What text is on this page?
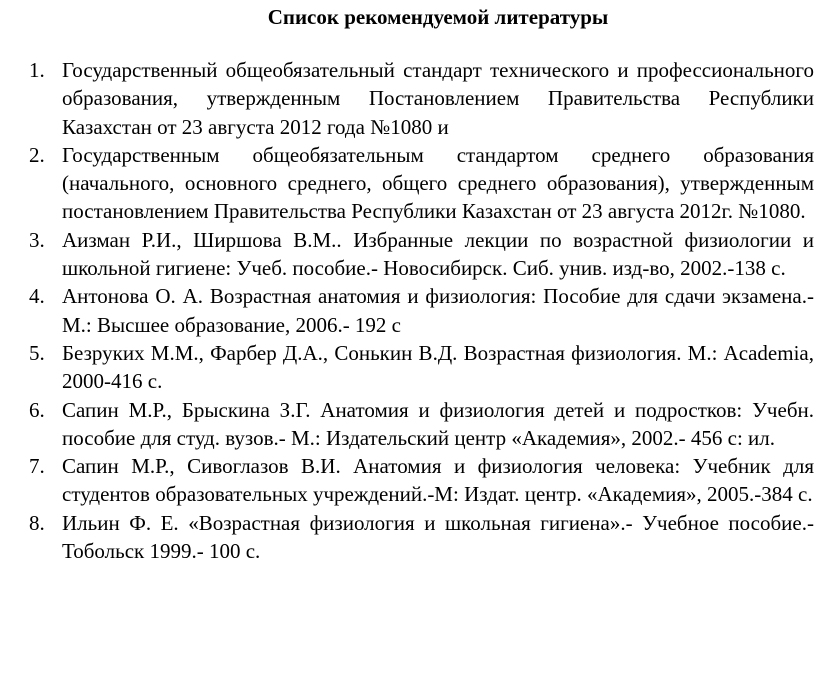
Список рекомендуемой литературы
1. Государственный общеобязательный стандарт технического и профессионального образования, утвержденным Постановлением Правительства Республики Казахстан от 23 августа 2012 года №1080 и
2. Государственным общеобязательным стандартом среднего образования (начального, основного среднего, общего среднего образования), утвержденным постановлением Правительства Республики Казахстан от 23 августа 2012г. №1080.
3. Аизман Р.И., Ширшова В.М.. Избранные лекции по возрастной физиологии и школьной гигиене: Учеб. пособие.- Новосибирск. Сиб. унив. изд-во, 2002.-138 с.
4. Антонова О. А. Возрастная анатомия и физиология: Пособие для сдачи экзамена.- М.: Высшее образование, 2006.- 192 с
5. Безруких М.М., Фарбер Д.А., Сонькин В.Д. Возрастная физиология. М.: Academia, 2000-416 с.
6. Сапин М.Р., Брыскина З.Г. Анатомия и физиология детей и подростков: Учебн. пособие для студ. вузов.- М.: Издательский центр «Академия», 2002.- 456 с: ил.
7. Сапин М.Р., Сивоглазов В.И. Анатомия и физиология человека: Учебник для студентов образовательных учреждений.-М: Издат. центр. «Академия», 2005.-384 с.
8. Ильин Ф. Е. «Возрастная физиология и школьная гигиена».- Учебное пособие.- Тобольск 1999.- 100 с.
